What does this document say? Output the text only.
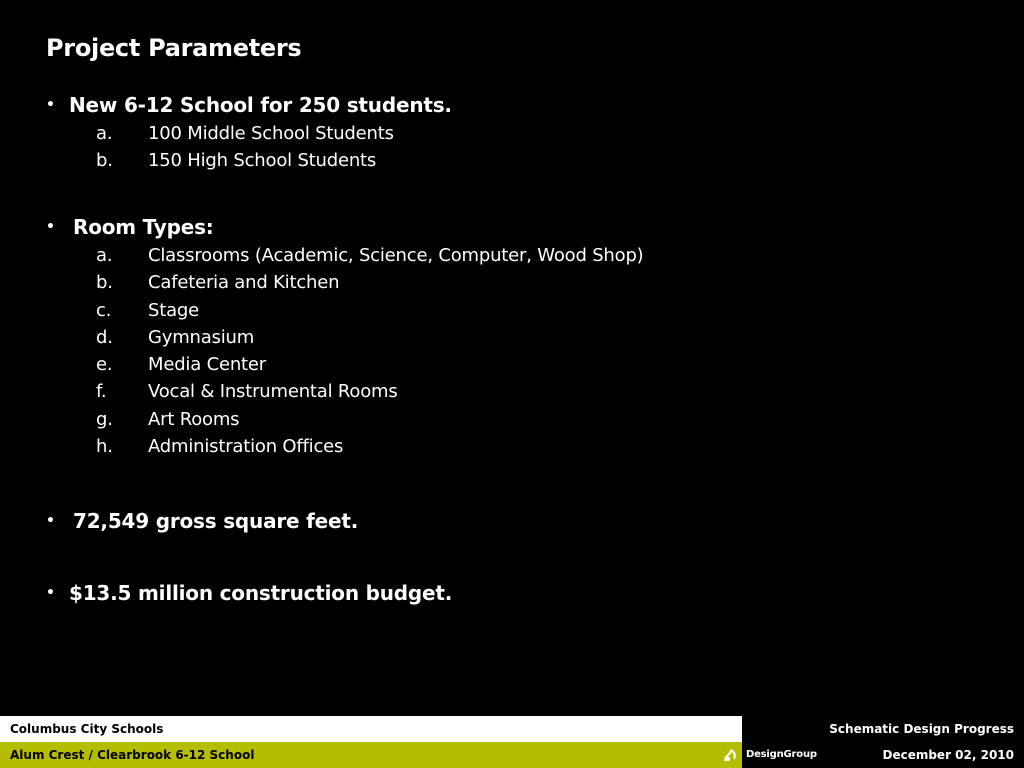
Project Parameters
• New 6-12 School for 250 students.
a.	100 Middle School Students
b.	150 High School Students
• Room Types:
a.	Classrooms (Academic, Science, Computer, Wood Shop)
b.	Cafeteria and Kitchen
c.	Stage
d.	Gymnasium
e.	Media Center
f.	Vocal & Instrumental Rooms
g.	Art Rooms
h.	Administration Offices
• 72,549 gross square feet.
• $13.5 million construction budget.
Columbus City Schools	Schematic Design Progress
Alum Crest / Clearbrook 6-12 School	DesignGroup	December 02, 2010
